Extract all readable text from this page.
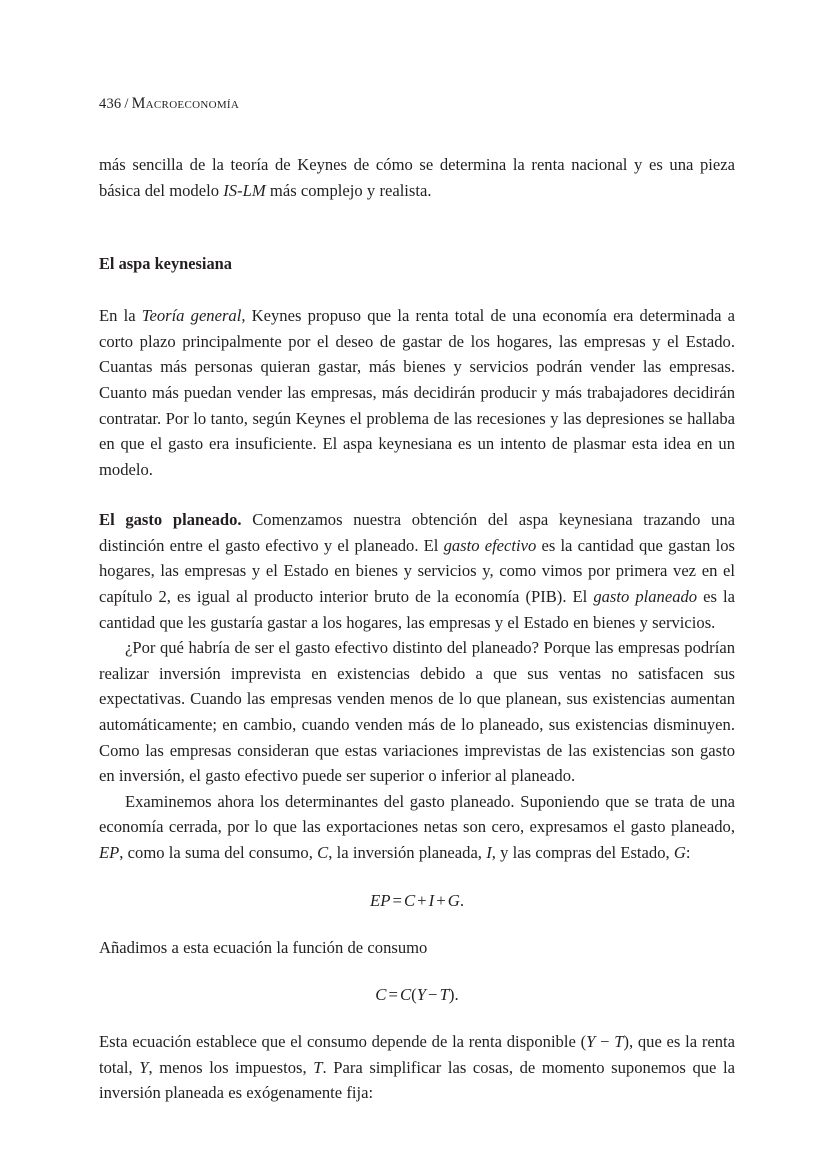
436 / Macroeconomía

más sencilla de la teoría de Keynes de cómo se determina la renta nacional y es una pieza básica del modelo IS-LM más complejo y realista.

El aspa keynesiana

En la Teoría general, Keynes propuso que la renta total de una economía era determinada a corto plazo principalmente por el deseo de gastar de los hogares, las empresas y el Estado. Cuantas más personas quieran gastar, más bienes y servicios podrán vender las empresas. Cuanto más puedan vender las empresas, más decidirán producir y más trabajadores decidirán contratar. Por lo tanto, según Keynes el problema de las recesiones y las depresiones se hallaba en que el gasto era insuficiente. El aspa keynesiana es un intento de plasmar esta idea en un modelo.

El gasto planeado. Comenzamos nuestra obtención del aspa keynesiana trazando una distinción entre el gasto efectivo y el planeado. El gasto efectivo es la cantidad que gastan los hogares, las empresas y el Estado en bienes y servicios y, como vimos por primera vez en el capítulo 2, es igual al producto interior bruto de la economía (PIB). El gasto planeado es la cantidad que les gustaría gastar a los hogares, las empresas y el Estado en bienes y servicios.

¿Por qué habría de ser el gasto efectivo distinto del planeado? Porque las empresas podrían realizar inversión imprevista en existencias debido a que sus ventas no satisfacen sus expectativas. Cuando las empresas venden menos de lo que planean, sus existencias aumentan automáticamente; en cambio, cuando venden más de lo planeado, sus existencias disminuyen. Como las empresas consideran que estas variaciones imprevistas de las existencias son gasto en inversión, el gasto efectivo puede ser superior o inferior al planeado.

Examinemos ahora los determinantes del gasto planeado. Suponiendo que se trata de una economía cerrada, por lo que las exportaciones netas son cero, expresamos el gasto planeado, EP, como la suma del consumo, C, la inversión planeada, I, y las compras del Estado, G:

EP = C + I + G.

Añadimos a esta ecuación la función de consumo

C = C(Y − T).

Esta ecuación establece que el consumo depende de la renta disponible (Y − T), que es la renta total, Y, menos los impuestos, T. Para simplificar las cosas, de momento suponemos que la inversión planeada es exógenamente fija:
